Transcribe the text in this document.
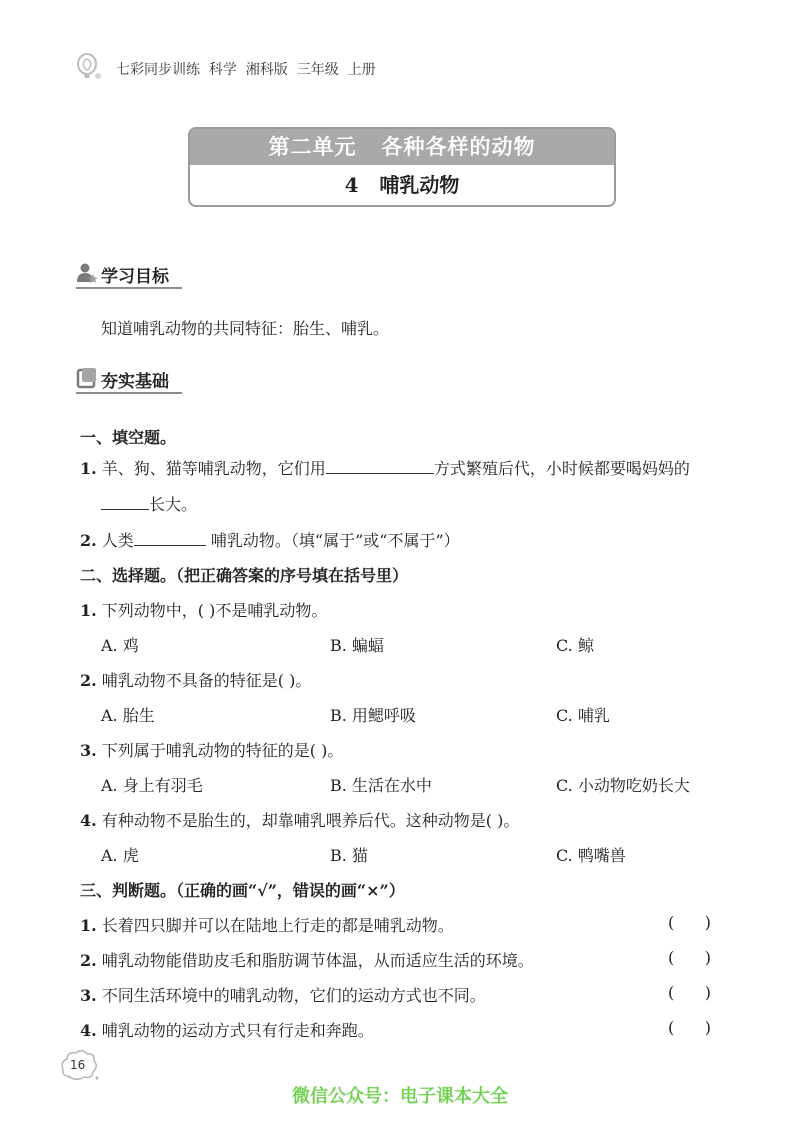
七彩同步训练  科学  湘科版  三年级  上册
第二单元   各种各样的动物
4   哺乳动物
学习目标
知道哺乳动物的共同特征：胎生、哺乳。
夯实基础
一、填空题。
1. 羊、狗、猫等哺乳动物，它们用	方式繁殖后代，小时候都要喝妈妈的
长大。
2. 人类	哺乳动物。（填“属于”或“不属于”）
二、选择题。（把正确答案的序号填在括号里）
1. 下列动物中，( )不是哺乳动物。
A. 鸡	B. 蝙蝠	C. 鲸
2. 哺乳动物不具备的特征是( )。
A. 胎生	B. 用鳃呼吸	C. 哺乳
3. 下列属于哺乳动物的特征的是( )。
A. 身上有羽毛	B. 生活在水中	C. 小动物吃奶长大
4. 有种动物不是胎生的，却靠哺乳喂养后代。这种动物是( )。
A. 虎	B. 猫	C. 鸭嘴兽
三、判断题。（正确的画“√”，错误的画“×”）
1. 长着四只脚并可以在陆地上行走的都是哺乳动物。	(      )
2. 哺乳动物能借助皮毛和脂肪调节体温，从而适应生活的环境。	(      )
3. 不同生活环境中的哺乳动物，它们的运动方式也不同。	(      )
4. 哺乳动物的运动方式只有行走和奔跑。	(      )
16
微信公众号：电子课本大全
